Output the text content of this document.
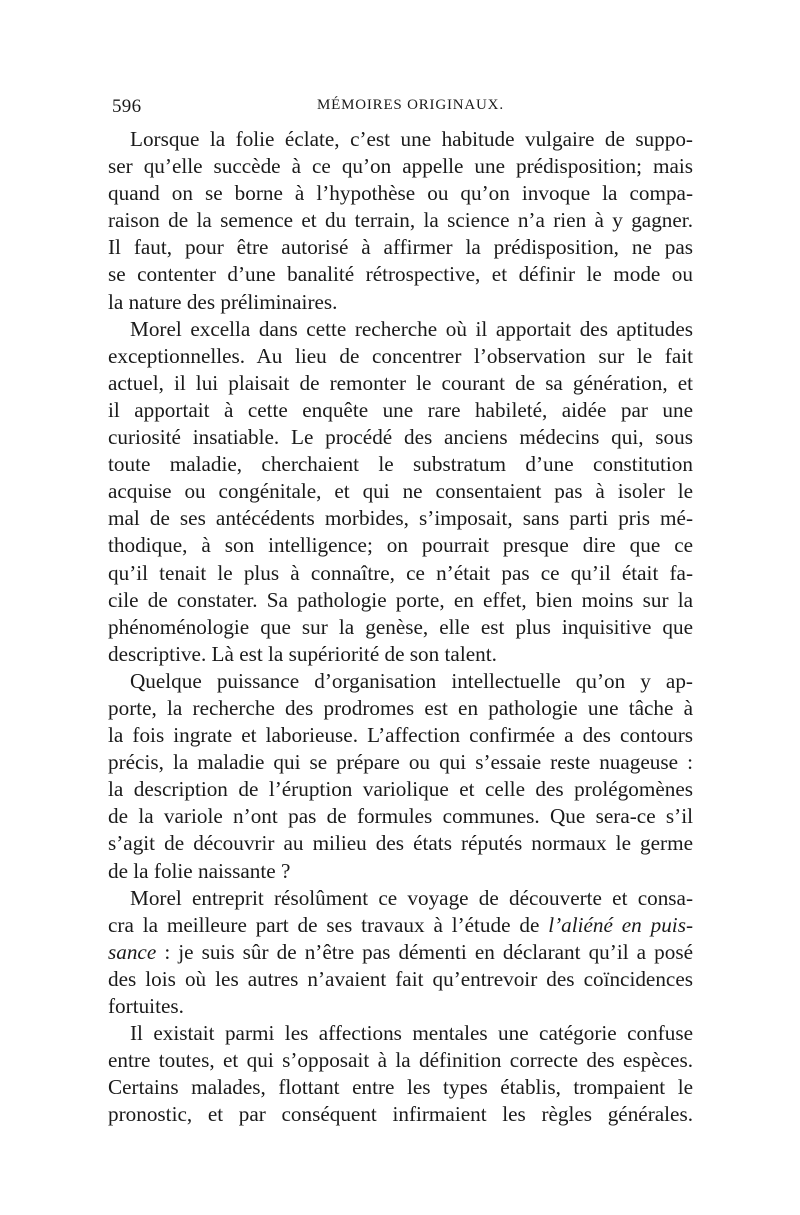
596	MÉMOIRES ORIGINAUX.
Lorsque la folie éclate, c’est une habitude vulgaire de suppo-
ser qu’elle succède à ce qu’on appelle une prédisposition; mais
quand on se borne à l’hypothèse ou qu’on invoque la compa-
raison de la semence et du terrain, la science n’a rien à y gagner.
Il faut, pour être autorisé à affirmer la prédisposition, ne pas
se contenter d’une banalité rétrospective, et définir le mode ou
la nature des préliminaires.
Morel excella dans cette recherche où il apportait des aptitudes
exceptionnelles. Au lieu de concentrer l’observation sur le fait
actuel, il lui plaisait de remonter le courant de sa génération, et
il apportait à cette enquête une rare habileté, aidée par une
curiosité insatiable. Le procédé des anciens médecins qui, sous
toute maladie, cherchaient le substratum d’une constitution
acquise ou congénitale, et qui ne consentaient pas à isoler le
mal de ses antécédents morbides, s’imposait, sans parti pris mé-
thodique, à son intelligence; on pourrait presque dire que ce
qu’il tenait le plus à connaître, ce n’était pas ce qu’il était fa-
cile de constater. Sa pathologie porte, en effet, bien moins sur la
phénoménologie que sur la genèse, elle est plus inquisitive que
descriptive. Là est la supériorité de son talent.
Quelque puissance d’organisation intellectuelle qu’on y ap-
porte, la recherche des prodromes est en pathologie une tâche à
la fois ingrate et laborieuse. L’affection confirmée a des contours
précis, la maladie qui se prépare ou qui s’essaie reste nuageuse :
la description de l’éruption variolique et celle des prolégomènes
de la variole n’ont pas de formules communes. Que sera-ce s’il
s’agit de découvrir au milieu des états réputés normaux le germe
de la folie naissante ?
Morel entreprit résolûment ce voyage de découverte et consa-
cra la meilleure part de ses travaux à l’étude de l’aliéné en puis-
sance : je suis sûr de n’être pas démenti en déclarant qu’il a posé
des lois où les autres n’avaient fait qu’entrevoir des coïncidences
fortuites.
Il existait parmi les affections mentales une catégorie confuse
entre toutes, et qui s’opposait à la définition correcte des espèces.
Certains malades, flottant entre les types établis, trompaient le
pronostic, et par conséquent infirmaient les règles générales.
